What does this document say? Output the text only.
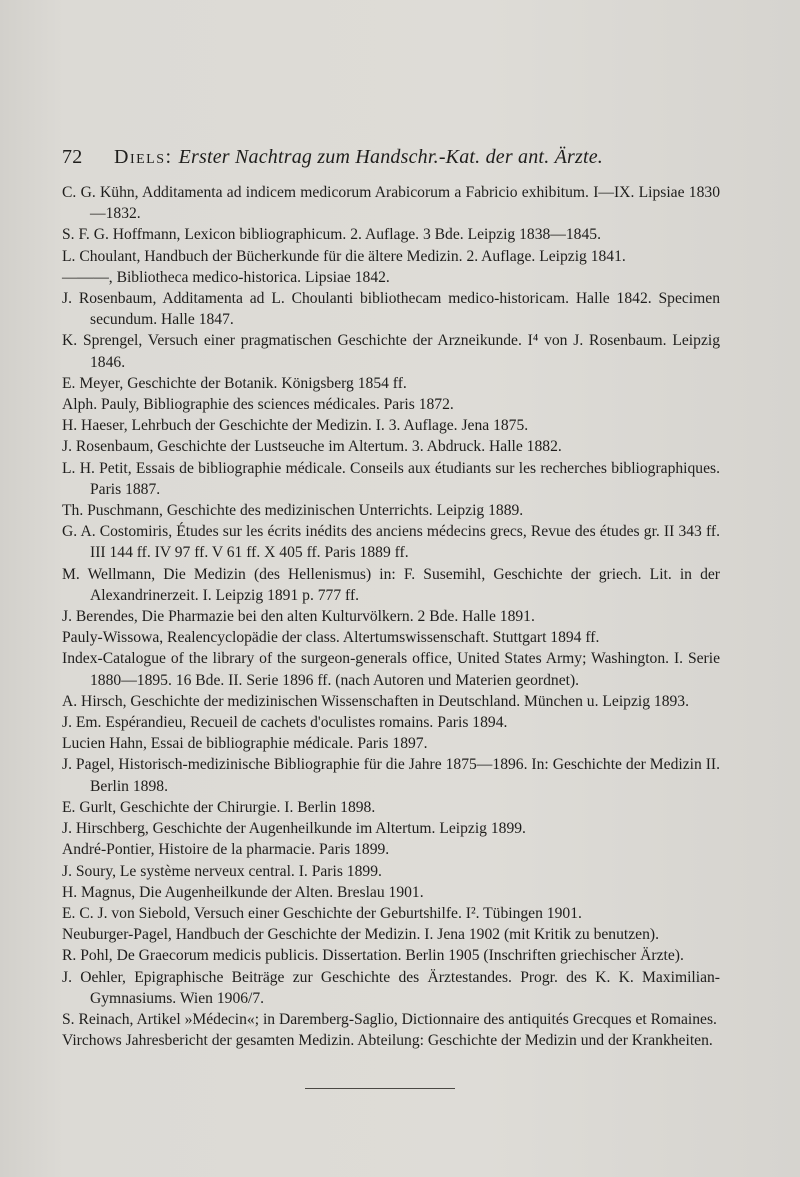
72 Diels: Erster Nachtrag zum Handschr.-Kat. der ant. Ärzte.
C. G. Kühn, Additamenta ad indicem medicorum Arabicorum a Fabricio exhibitum. I—IX. Lipsiae 1830—1832.
S. F. G. Hoffmann, Lexicon bibliographicum. 2. Auflage. 3 Bde. Leipzig 1838—1845.
L. Choulant, Handbuch der Bücherkunde für die ältere Medizin. 2. Auflage. Leipzig 1841.
———, Bibliotheca medico-historica. Lipsiae 1842.
J. Rosenbaum, Additamenta ad L. Choulanti bibliothecam medico-historicam. Halle 1842. Specimen secundum. Halle 1847.
K. Sprengel, Versuch einer pragmatischen Geschichte der Arzneikunde. I⁴ von J. Rosenbaum. Leipzig 1846.
E. Meyer, Geschichte der Botanik. Königsberg 1854 ff.
Alph. Pauly, Bibliographie des sciences médicales. Paris 1872.
H. Haeser, Lehrbuch der Geschichte der Medizin. I. 3. Auflage. Jena 1875.
J. Rosenbaum, Geschichte der Lustseuche im Altertum. 3. Abdruck. Halle 1882.
L. H. Petit, Essais de bibliographie médicale. Conseils aux étudiants sur les recherches bibliographiques. Paris 1887.
Th. Puschmann, Geschichte des medizinischen Unterrichts. Leipzig 1889.
G. A. Costomiris, Études sur les écrits inédits des anciens médecins grecs, Revue des études gr. II 343 ff. III 144 ff. IV 97 ff. V 61 ff. X 405 ff. Paris 1889 ff.
M. Wellmann, Die Medizin (des Hellenismus) in: F. Susemihl, Geschichte der griech. Lit. in der Alexandrinerzeit. I. Leipzig 1891 p. 777 ff.
J. Berendes, Die Pharmazie bei den alten Kulturvölkern. 2 Bde. Halle 1891.
Pauly-Wissowa, Realencyclopädie der class. Altertumswissenschaft. Stuttgart 1894 ff.
Index-Catalogue of the library of the surgeon-generals office, United States Army; Washington. I. Serie 1880—1895. 16 Bde. II. Serie 1896 ff. (nach Autoren und Materien geordnet).
A. Hirsch, Geschichte der medizinischen Wissenschaften in Deutschland. München u. Leipzig 1893.
J. Em. Espérandieu, Recueil de cachets d'oculistes romains. Paris 1894.
Lucien Hahn, Essai de bibliographie médicale. Paris 1897.
J. Pagel, Historisch-medizinische Bibliographie für die Jahre 1875—1896. In: Geschichte der Medizin II. Berlin 1898.
E. Gurlt, Geschichte der Chirurgie. I. Berlin 1898.
J. Hirschberg, Geschichte der Augenheilkunde im Altertum. Leipzig 1899.
André-Pontier, Histoire de la pharmacie. Paris 1899.
J. Soury, Le système nerveux central. I. Paris 1899.
H. Magnus, Die Augenheilkunde der Alten. Breslau 1901.
E. C. J. von Siebold, Versuch einer Geschichte der Geburtshilfe. I². Tübingen 1901.
Neuburger-Pagel, Handbuch der Geschichte der Medizin. I. Jena 1902 (mit Kritik zu benutzen).
R. Pohl, De Graecorum medicis publicis. Dissertation. Berlin 1905 (Inschriften griechischer Ärzte).
J. Oehler, Epigraphische Beiträge zur Geschichte des Ärztestandes. Progr. des K. K. Maximilian-Gymnasiums. Wien 1906/7.
S. Reinach, Artikel »Médecin«; in Daremberg-Saglio, Dictionnaire des antiquités Grecques et Romaines.
Virchows Jahresbericht der gesamten Medizin. Abteilung: Geschichte der Medizin und der Krankheiten.
